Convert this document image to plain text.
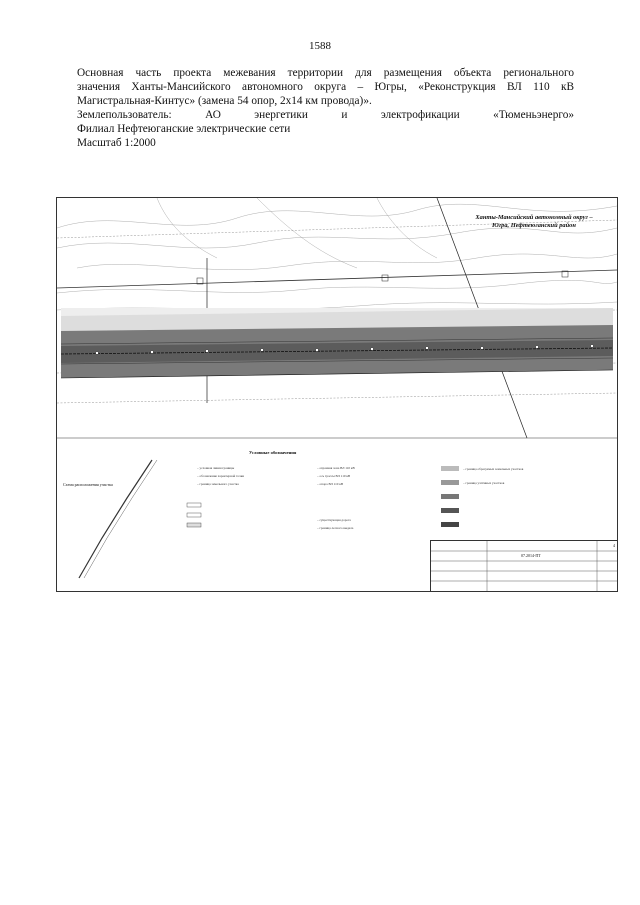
1588
Основная часть проекта межевания территории для размещения объекта регионального
значения Ханты-Мансийского автономного округа – Югры, «Реконструкция ВЛ 110 кВ
Магистральная-Кинтус» (замена 54 опор, 2х14 км провода)».
Землепользователь: АО энергетики и электрофикации «Тюменьэнерго»
Филиал Нефтеюганские электрические сети
Масштаб 1:2000
Ханты-Мансийский автономный округ – Югра, Нефтеюганский район
Условные обозначения
Схема расположения участка
– условная линия границы
– обозначение характерной точки
– граница земельного участка
– охранная зона ВЛ 110 кВ
– ось трассы ВЛ 110 кВ
– опора ВЛ 110 кВ
– граница образуемых земельных участков
– граница учтённых участков
– существующая дорога
– граница лесного выдела
07.2014-ПТ
4
